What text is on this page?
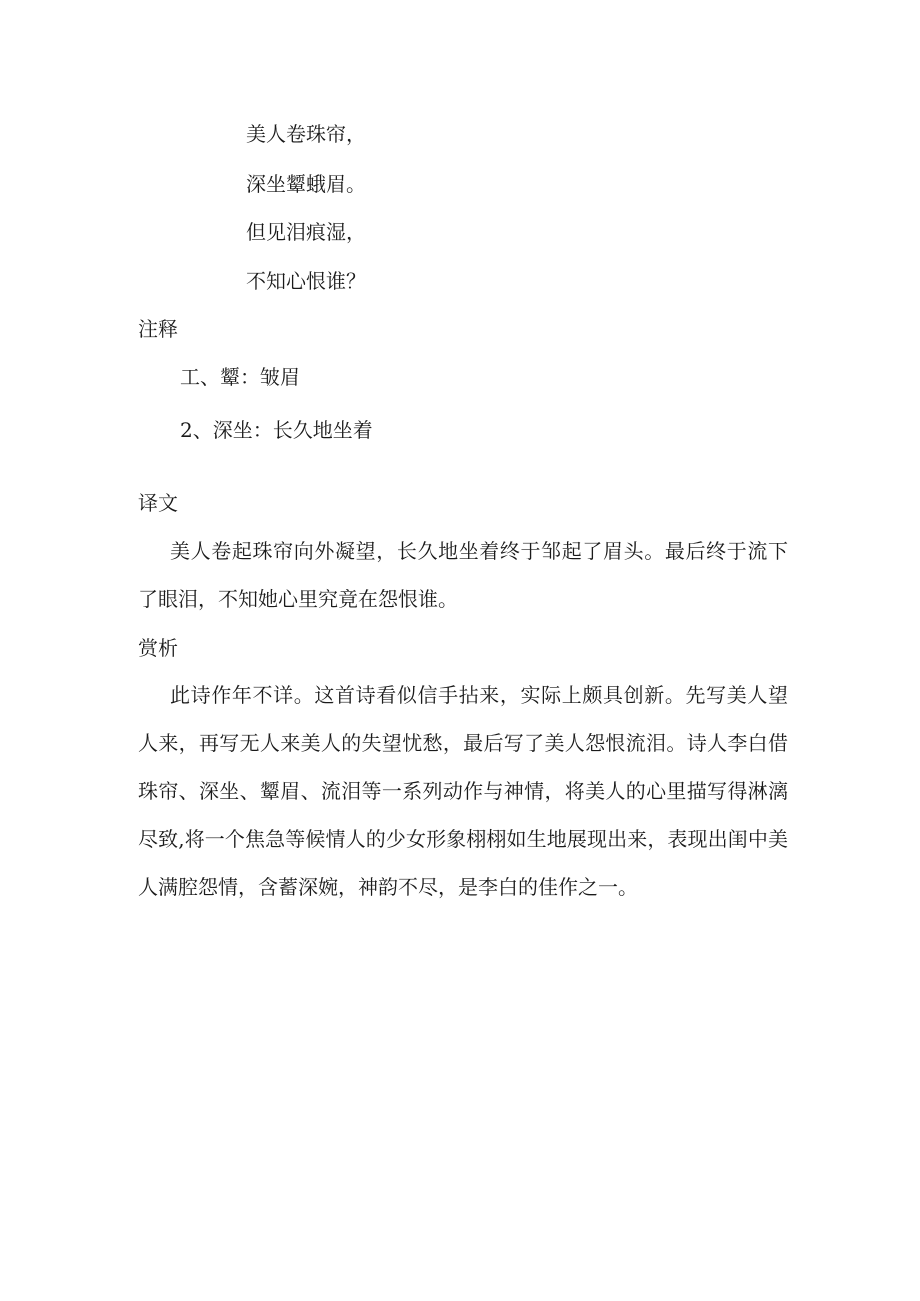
美人卷珠帘，
深坐颦蛾眉。
但见泪痕湿，
不知心恨谁？
注释
工、颦：皱眉
2、深坐：长久地坐着
译文
美人卷起珠帘向外凝望，长久地坐着终于邹起了眉头。最后终于流下了眼泪，不知她心里究竟在怨恨谁。
赏析
此诗作年不详。这首诗看似信手拈来，实际上颇具创新。先写美人望人来，再写无人来美人的失望忧愁，最后写了美人怨恨流泪。诗人李白借珠帘、深坐、颦眉、流泪等一系列动作与神情，将美人的心里描写得淋漓尽致,将一个焦急等候情人的少女形象栩栩如生地展现出来，表现出闺中美人满腔怨情，含蓄深婉，神韵不尽，是李白的佳作之一。
